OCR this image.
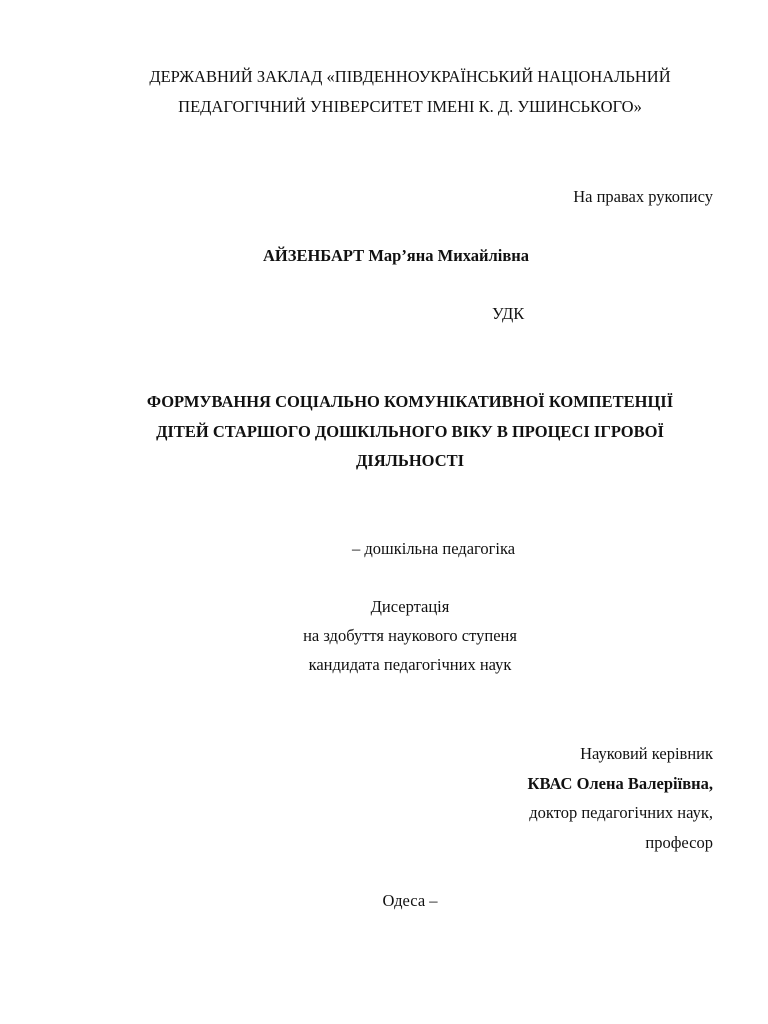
ДЕРЖАВНИЙ ЗАКЛАД «ПІВДЕННОУКРАЇНСЬКИЙ НАЦІОНАЛЬНИЙ
ПЕДАГОГІЧНИЙ УНІВЕРСИТЕТ ІМЕНІ К. Д. УШИНСЬКОГО»
На правах рукопису
АЙЗЕНБАРТ Мар’яна Михайлівна
УДК
ФОРМУВАННЯ СОЦІАЛЬНО КОМУНІКАТИВНОЇ КОМПЕТЕНЦІЇ
ДІТЕЙ СТАРШОГО ДОШКІЛЬНОГО ВІКУ В ПРОЦЕСІ ІГРОВОЇ
ДІЯЛЬНОСТІ
– дошкільна педагогіка
Дисертація
на здобуття наукового ступеня
кандидата педагогічних наук
Науковий керівник
КВАС Олена Валеріївна,
доктор педагогічних наук,
професор
Одеса –
